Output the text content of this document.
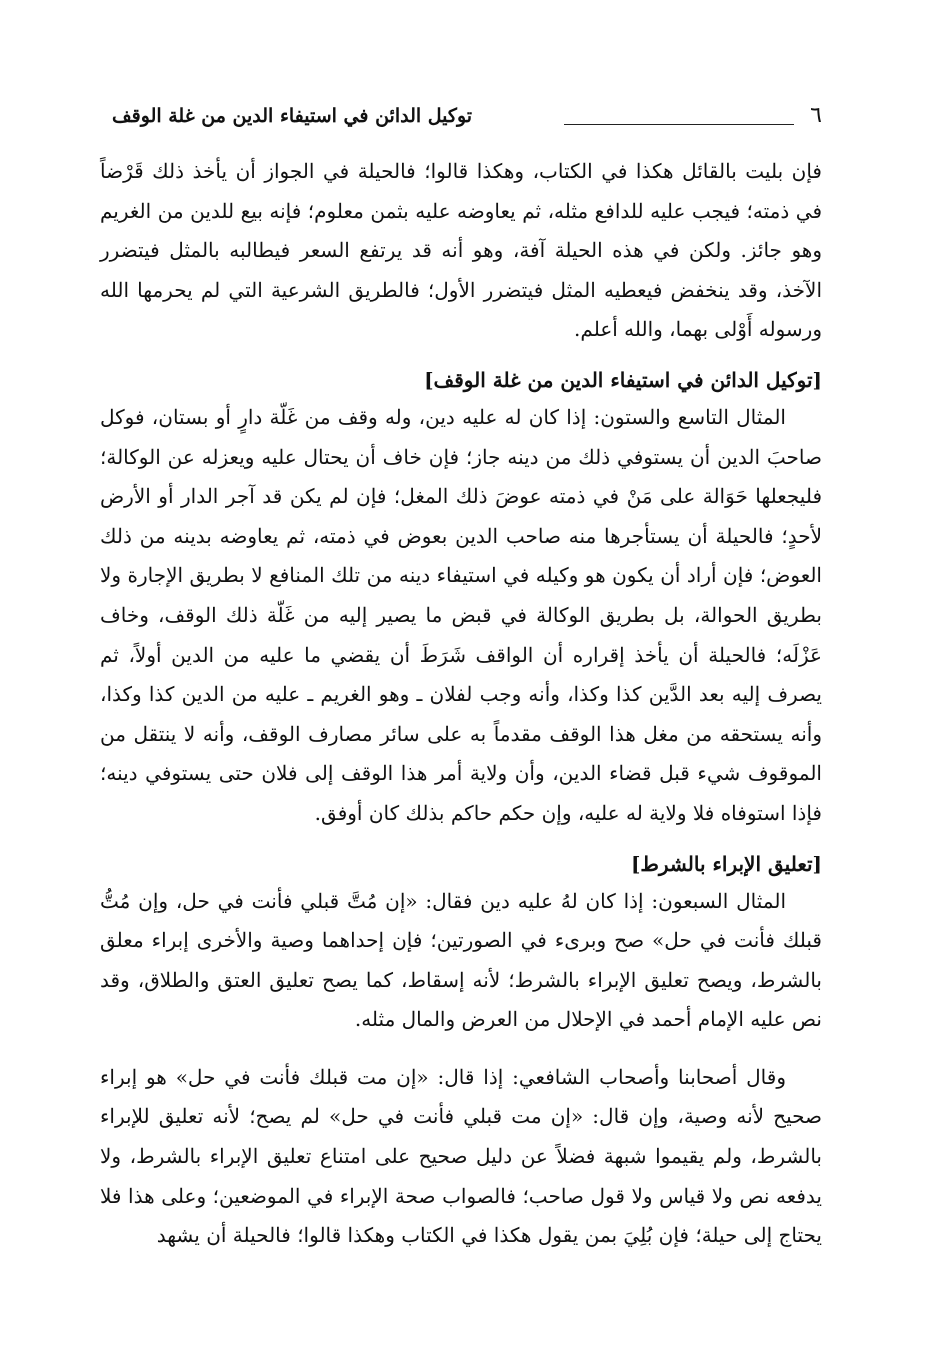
٦
توكيل الدائن في استيفاء الدين من غلة الوقف

فإن بليت بالقائل هكذا في الكتاب، وهكذا قالوا؛ فالحيلة في الجواز أن يأخذ ذلك قَرْضاً في ذمته؛ فيجب عليه للدافع مثله، ثم يعاوضه عليه بثمن معلوم؛ فإنه بيع للدين من الغريم وهو جائز. ولكن في هذه الحيلة آفة، وهو أنه قد يرتفع السعر فيطالبه بالمثل فيتضرر الآخذ، وقد ينخفض فيعطيه المثل فيتضرر الأول؛ فالطريق الشرعية التي لم يحرمها الله ورسوله أَوْلى بهما، والله أعلم.

[توكيل الدائن في استيفاء الدين من غلة الوقف]

المثال التاسع والستون: إذا كان له عليه دين، وله وقف من غَلّة دارٍ أو بستان، فوكل صاحبَ الدين أن يستوفي ذلك من دينه جاز؛ فإن خاف أن يحتال عليه ويعزله عن الوكالة؛ فليجعلها حَوَالة على مَنْ في ذمته عوضَ ذلك المغل؛ فإن لم يكن قد آجر الدار أو الأرض لأحدٍ؛ فالحيلة أن يستأجرها منه صاحب الدين بعوض في ذمته، ثم يعاوضه بدينه من ذلك العوض؛ فإن أراد أن يكون هو وكيله في استيفاء دينه من تلك المنافع لا بطريق الإجارة ولا بطريق الحوالة، بل بطريق الوكالة في قبض ما يصير إليه من غَلّة ذلك الوقف، وخاف عَزْلَه؛ فالحيلة أن يأخذ إقراره أن الواقف شَرَطَ أن يقضي ما عليه من الدين أولاً، ثم يصرف إليه بعد الدَّين كذا وكذا، وأنه وجب لفلان ـ وهو الغريم ـ عليه من الدين كذا وكذا، وأنه يستحقه من مغل هذا الوقف مقدماً به على سائر مصارف الوقف، وأنه لا ينتقل من الموقوف شيء قبل قضاء الدين، وأن ولاية أمر هذا الوقف إلى فلان حتى يستوفي دينه؛ فإذا استوفاه فلا ولاية له عليه، وإن حكم حاكم بذلك كان أوفق.

[تعليق الإبراء بالشرط]

المثال السبعون: إذا كان لهُ عليه دين فقال: «إن مُتَّ قبلي فأنت في حل، وإن مُتُّ قبلك فأنت في حل» صح وبرىء في الصورتين؛ فإن إحداهما وصية والأخرى إبراء معلق بالشرط، ويصح تعليق الإبراء بالشرط؛ لأنه إسقاط، كما يصح تعليق العتق والطلاق، وقد نص عليه الإمام أحمد في الإحلال من العرض والمال مثله.

وقال أصحابنا وأصحاب الشافعي: إذا قال: «إن مت قبلك فأنت في حل» هو إبراء صحيح لأنه وصية، وإن قال: «إن مت قبلي فأنت في حل» لم يصح؛ لأنه تعليق للإبراء بالشرط، ولم يقيموا شبهة فضلاً عن دليل صحيح على امتناع تعليق الإبراء بالشرط، ولا يدفعه نص ولا قياس ولا قول صاحب؛ فالصواب صحة الإبراء في الموضعين؛ وعلى هذا فلا يحتاج إلى حيلة؛ فإن بُلِيَ بمن يقول هكذا في الكتاب وهكذا قالوا؛ فالحيلة أن يشهد
